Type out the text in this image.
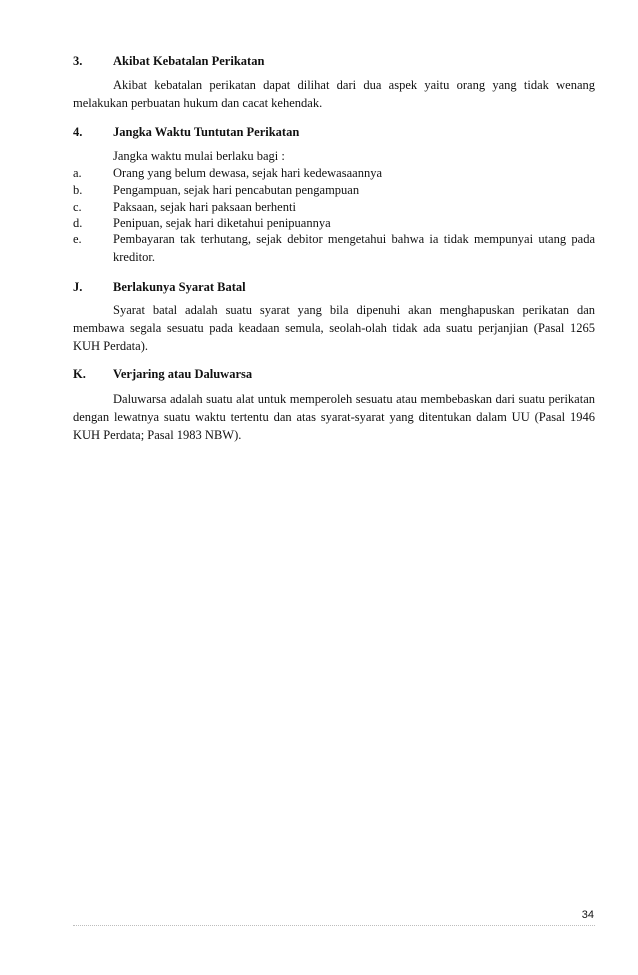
3. Akibat Kebatalan Perikatan

Akibat kebatalan perikatan dapat dilihat dari dua aspek yaitu orang yang tidak wenang melakukan perbuatan hukum dan cacat kehendak.

4. Jangka Waktu Tuntutan Perikatan
Jangka waktu mulai berlaku bagi :
a.	Orang yang belum dewasa, sejak hari kedewasaannya
b. Pengampuan, sejak hari pencabutan pengampuan
c.	Paksaan, sejak hari paksaan berhenti
d. Penipuan, sejak hari diketahui penipuannya
e.	Pembayaran tak terhutang, sejak debitor mengetahui bahwa ia tidak mempunyai utang pada kreditor.
J. Berlakunya Syarat Batal

Syarat batal adalah suatu syarat yang bila dipenuhi akan menghapuskan perikatan dan membawa segala sesuatu pada keadaan semula, seolah-olah tidak ada suatu perjanjian (Pasal 1265 KUH Perdata).

K. Verjaring atau Daluwarsa

Daluwarsa adalah suatu alat untuk memperoleh sesuatu atau membebaskan dari suatu perikatan dengan lewatnya suatu waktu tertentu dan atas syarat-syarat yang ditentukan dalam UU (Pasal 1946 KUH Perdata; Pasal 1983 NBW).

34
